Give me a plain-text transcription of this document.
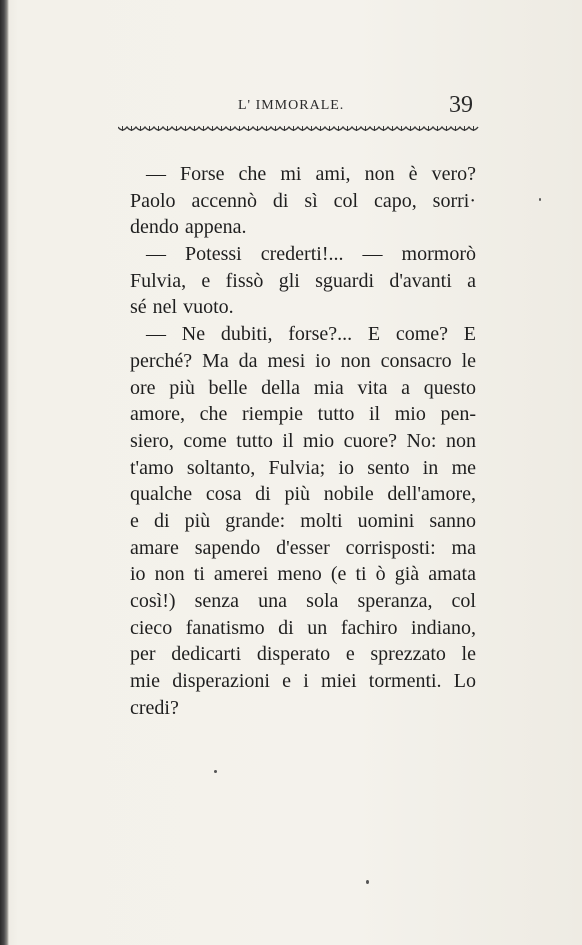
L' IMMORALE.	39
— Forse che mi ami, non è vero?
Paolo accennò di sì col capo, sorri·
dendo appena.
— Potessi crederti!... — mormorò
Fulvia, e fissò gli sguardi d'avanti a
sé nel vuoto.
— Ne dubiti, forse?... E come? E
perché? Ma da mesi io non consacro le
ore più belle della mia vita a questo
amore, che riempie tutto il mio pen-
siero, come tutto il mio cuore? No: non
t'amo soltanto, Fulvia; io sento in me
qualche cosa di più nobile dell'amore,
e di più grande: molti uomini sanno
amare sapendo d'esser corrisposti: ma
io non ti amerei meno (e ti ò già amata
così!) senza una sola speranza, col
cieco fanatismo di un fachiro indiano,
per dedicarti disperato e sprezzato le
mie disperazioni e i miei tormenti. Lo
credi?
